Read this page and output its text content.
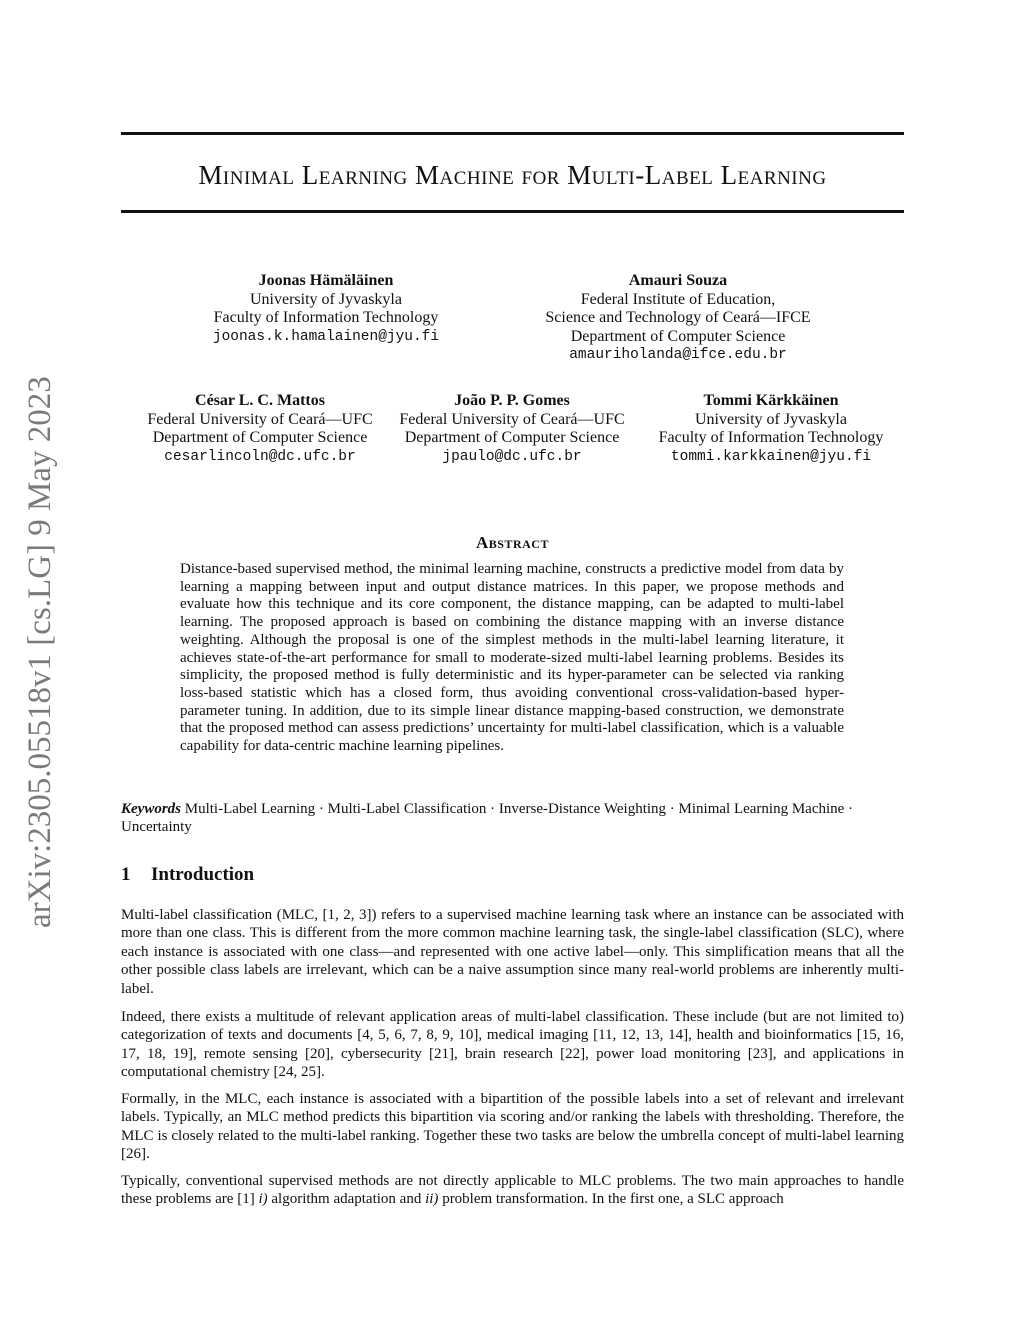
arXiv:2305.05518v1 [cs.LG] 9 May 2023
Minimal Learning Machine for Multi-Label Learning
Joonas Hämäläinen
University of Jyvaskyla
Faculty of Information Technology
joonas.k.hamalainen@jyu.fi
Amauri Souza
Federal Institute of Education,
Science and Technology of Ceará—IFCE
Department of Computer Science
amauriholanda@ifce.edu.br
César L. C. Mattos
Federal University of Ceará—UFC
Department of Computer Science
cesarlincoln@dc.ufc.br
João P. P. Gomes
Federal University of Ceará—UFC
Department of Computer Science
jpaulo@dc.ufc.br
Tommi Kärkkäinen
University of Jyvaskyla
Faculty of Information Technology
tommi.karkkainen@jyu.fi
Abstract
Distance-based supervised method, the minimal learning machine, constructs a predictive model from data by learning a mapping between input and output distance matrices. In this paper, we propose methods and evaluate how this technique and its core component, the distance mapping, can be adapted to multi-label learning. The proposed approach is based on combining the distance mapping with an inverse distance weighting. Although the proposal is one of the simplest methods in the multi-label learning literature, it achieves state-of-the-art performance for small to moderate-sized multi-label learning problems. Besides its simplicity, the proposed method is fully deterministic and its hyper-parameter can be selected via ranking loss-based statistic which has a closed form, thus avoiding conventional cross-validation-based hyper-parameter tuning. In addition, due to its simple linear distance mapping-based construction, we demonstrate that the proposed method can assess predictions’ uncertainty for multi-label classification, which is a valuable capability for data-centric machine learning pipelines.
Keywords Multi-Label Learning · Multi-Label Classification · Inverse-Distance Weighting · Minimal Learning Machine · Uncertainty
1 Introduction

Multi-label classification (MLC, [1, 2, 3]) refers to a supervised machine learning task where an instance can be associated with more than one class. This is different from the more common machine learning task, the single-label classification (SLC), where each instance is associated with one class—and represented with one active label—only. This simplification means that all the other possible class labels are irrelevant, which can be a naive assumption since many real-world problems are inherently multi-label.

Indeed, there exists a multitude of relevant application areas of multi-label classification. These include (but are not limited to) categorization of texts and documents [4, 5, 6, 7, 8, 9, 10], medical imaging [11, 12, 13, 14], health and bioinformatics [15, 16, 17, 18, 19], remote sensing [20], cybersecurity [21], brain research [22], power load monitoring [23], and applications in computational chemistry [24, 25].

Formally, in the MLC, each instance is associated with a bipartition of the possible labels into a set of relevant and irrelevant labels. Typically, an MLC method predicts this bipartition via scoring and/or ranking the labels with thresholding. Therefore, the MLC is closely related to the multi-label ranking. Together these two tasks are below the umbrella concept of multi-label learning [26].

Typically, conventional supervised methods are not directly applicable to MLC problems. The two main approaches to handle these problems are [1] i) algorithm adaptation and ii) problem transformation. In the first one, a SLC approach
